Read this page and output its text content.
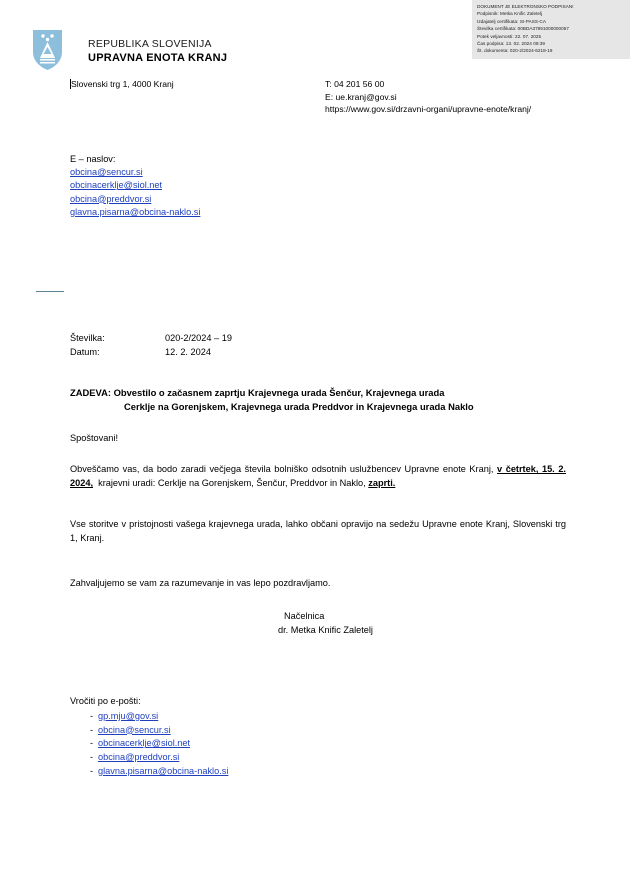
DOKUMENT JE ELEKTRONSKO PODPISAN!
Podpisnik: Metka Knific Zaletelj
Izdajatelj certifikata: SI-PASS-CA
Številka certifikata: 00BDA37891000000057
Potek veljavnosti: 22. 07. 2025
Čas podpisa: 13. 02. 2024 09:39
Št. dokumenta: 020-2/2024-6218-19
REPUBLIKA SLOVENIJA
UPRAVNA ENOTA KRANJ
Slovenski trg 1, 4000 Kranj	T: 04 201 56 00
E: ue.kranj@gov.si
https://www.gov.si/drzavni-organi/upravne-enote/kranj/
E – naslov:
obcina@sencur.si
obcinacerklje@siol.net
obcina@preddvor.si
glavna.pisarna@obcina-naklo.si
Številka:	020-2/2024 – 19
Datum:	12. 2. 2024
ZADEVA: Obvestilo o začasnem zaprtju Krajevnega urada Šenčur, Krajevnega urada
Cerklje na Gorenjskem, Krajevnega urada Preddvor in Krajevnega urada Naklo
Spoštovani!
Obveščamo vas, da bodo zaradi večjega števila bolniško odsotnih uslužbencev Upravne enote Kranj, v četrtek, 15. 2. 2024, krajevni uradi: Cerklje na Gorenjskem, Šenčur, Preddvor in Naklo, zaprti.
Vse storitve v pristojnosti vašega krajevnega urada, lahko občani opravijo na sedežu Upravne enote Kranj, Slovenski trg 1, Kranj.
Zahvaljujemo se vam za razumevanje in vas lepo pozdravljamo.
Načelnica
dr. Metka Knific Zaletelj
Vročiti po e-pošti:
- gp.mju@gov.si
- obcina@sencur.si
- obcinacerklje@siol.net
- obcina@preddvor.si
- glavna.pisarna@obcina-naklo.si
